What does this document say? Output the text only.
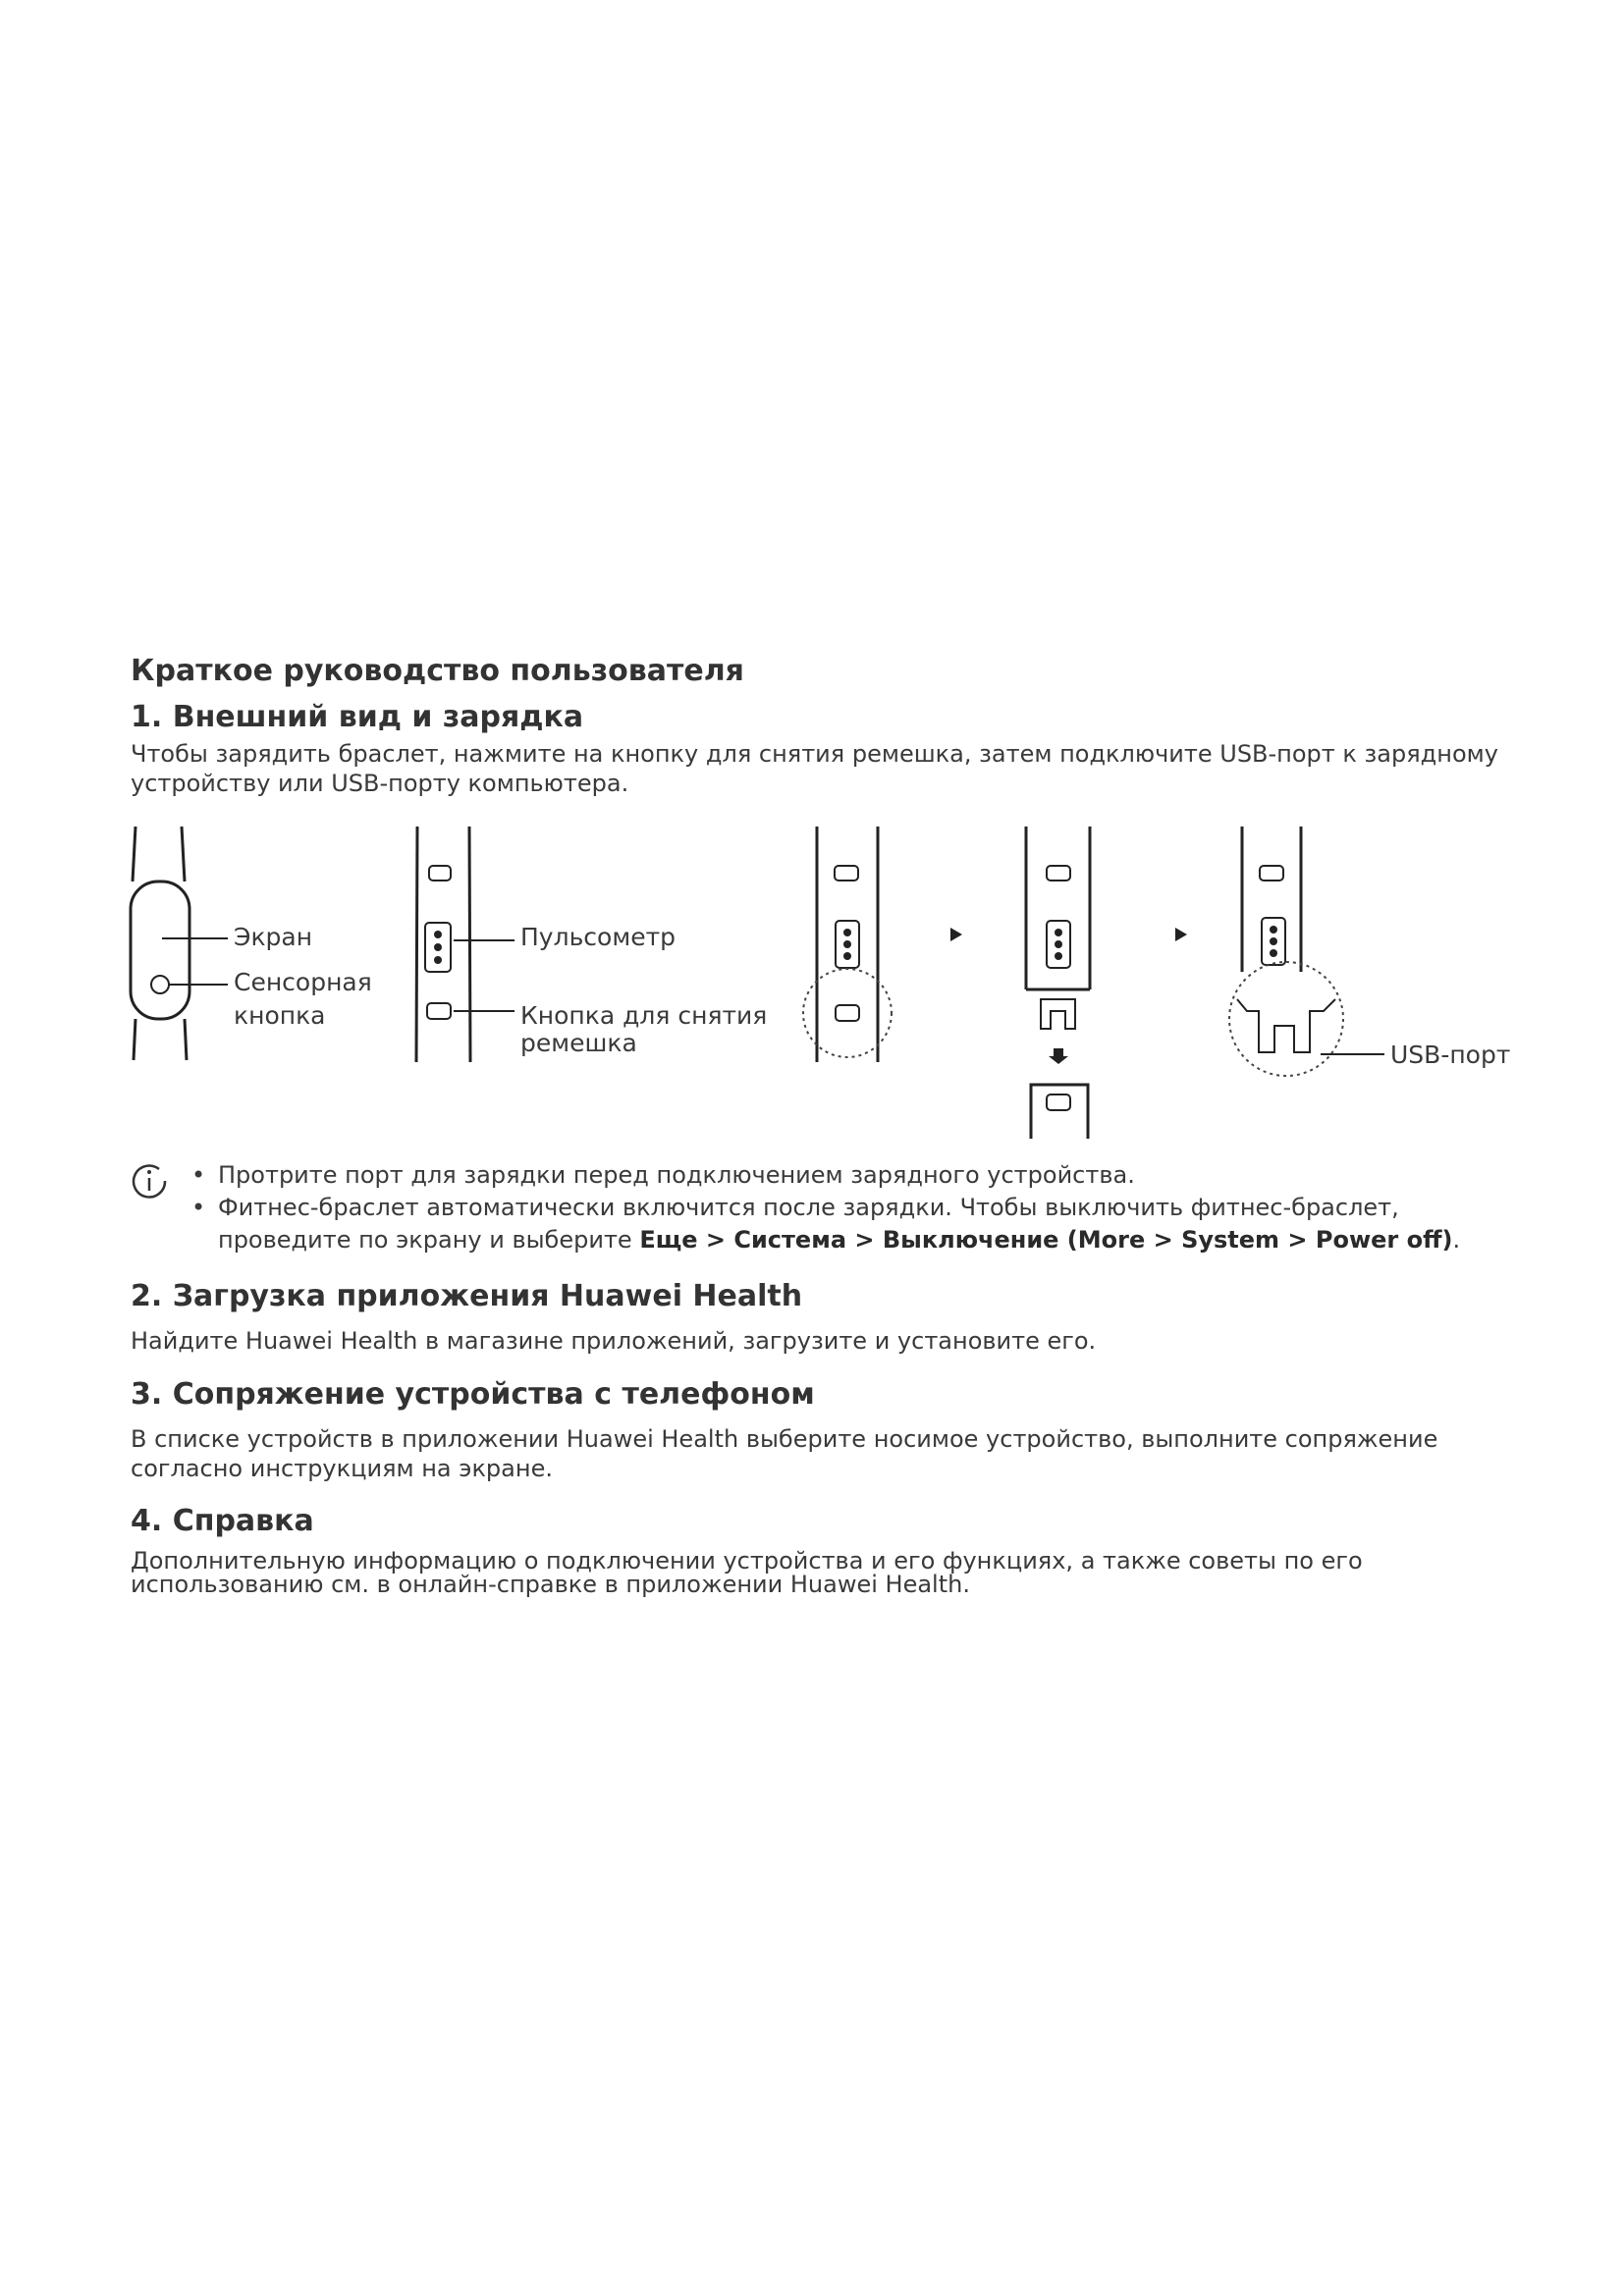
Краткое руководство пользователя
1. Внешний вид и зарядка
Чтобы зарядить браслет, нажмите на кнопку для снятия ремешка, затем подключите USB-порт к зарядному
устройству или USB-порту компьютера.
Экран
Сенсорная
кнопка
Пульсометр
Кнопка для снятия
ремешка	USB-порт
• Протрите порт для зарядки перед подключением зарядного устройства.
• Фитнес-браслет автоматически включится после зарядки. Чтобы выключить фитнес-браслет,
проведите по экрану и выберите Еще > Система > Выключение (More > System > Power off).
2. Загрузка приложения Huawei Health
Найдите Huawei Health в магазине приложений, загрузите и установите его.
3. Сопряжение устройства с телефоном
В списке устройств в приложении Huawei Health выберите носимое устройство, выполните сопряжение
согласно инструкциям на экране.
4. Справка
Дополнительную информацию о подключении устройства и его функциях, а также советы по его
использованию см. в онлайн-справке в приложении Huawei Health.
